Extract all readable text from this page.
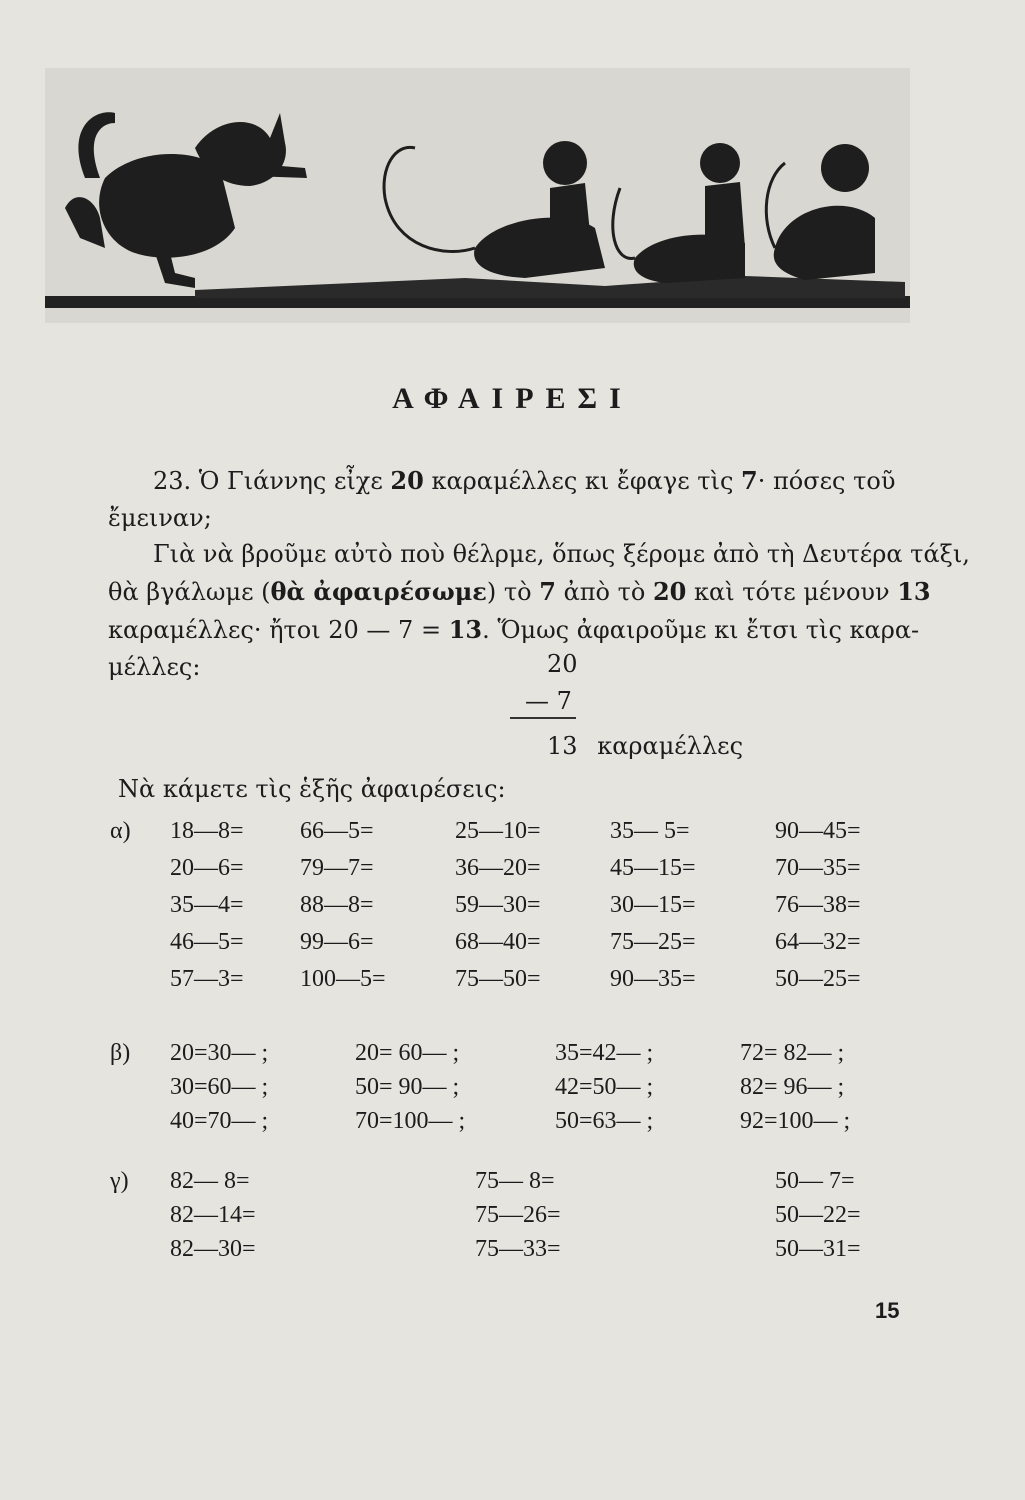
ΑΦΑΙΡΕΣΙ
23. Ὁ Γιάννης εἶχε 20 καραμέλλες κι ἔφαγε τὶς 7· πόσες τοῦ
ἔμειναν;
Γιὰ νὰ βροῦμε αὐτὸ ποὺ θέλρμε, ὅπως ξέρομε ἀπὸ τὴ Δευτέρα τάξι,
θὰ βγάλωμε (θὰ ἀφαιρέσωμε) τὸ 7 ἀπὸ τὸ 20 καὶ τότε μένουν 13
καραμέλλες· ἤτοι 20 — 7 = 13. Ὅμως ἀφαιροῦμε κι ἔτσι τὶς καρα-
μέλλες:	20
— 7
13 καραμέλλες
Νὰ κάμετε τὶς ἑξῆς ἀφαιρέσεις:
α) 18—8= 66—5=	25—10=	35— 5=	90—45=
20—6= 79—7=	36—20=	45—15=	70—35=
35—4= 88—8=	59—30=	30—15=	76—38=
46—5= 99—6=	68—40=	75—25=	64—32=
57—3= 100—5=	75—50=	90—35=	50—25=
β) 20=30— ;	20= 60— ;	35=42— ;	72= 82— ;
30=60— ;	50= 90— ;	42=50— ;	82= 96— ;
40=70— ;	70=100— ;	50=63— ;	92=100— ;
γ) 82— 8=	75— 8=	50— 7=
82—14=	75—26=	50—22=
82—30=	75—33=	50—31=
15
